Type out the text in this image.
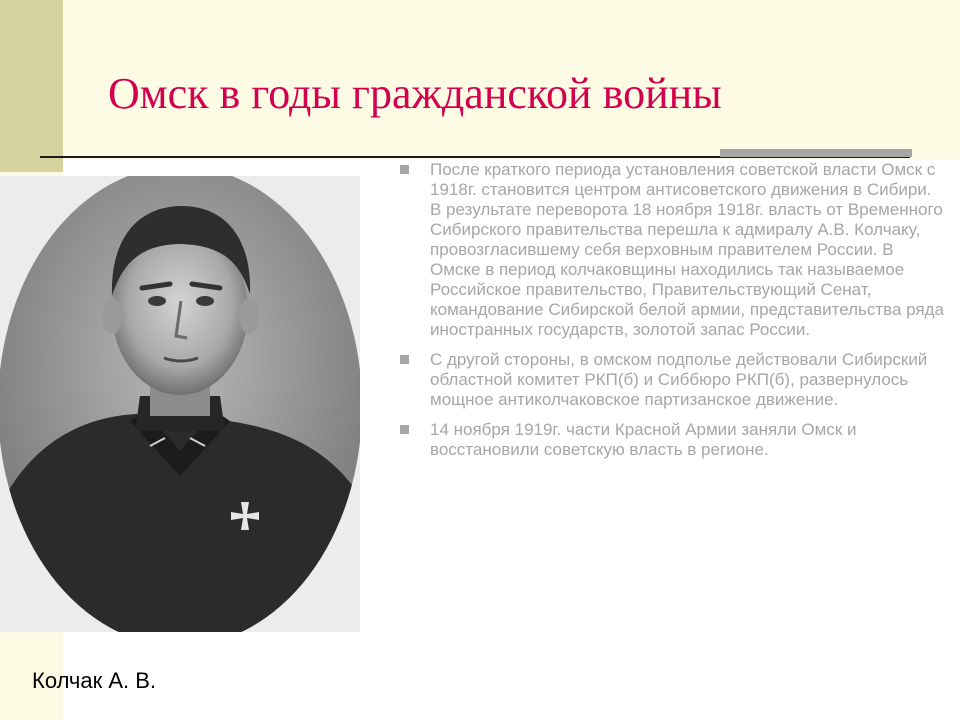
Омск в годы гражданской войны
После краткого периода установления советской власти Омск с 1918г. становится центром антисоветского движения в Сибири. В результате переворота 18 ноября 1918г. власть от Временного Сибирского правительства перешла к адмиралу А.В. Колчаку, провозгласившему себя верховным правителем России. В Омске в период колчаковщины находились так называемое Российское правительство, Правительствующий Сенат, командование Сибирской белой армии, представительства ряда иностранных государств, золотой запас России.
С другой стороны, в омском подполье действовали Сибирский областной комитет РКП(б) и Сиббюро РКП(б), развернулось мощное антиколчаковское партизанское движение.
14 ноября 1919г. части Красной Армии заняли Омск и восстановили советскую власть в регионе.

Колчак А. В.
